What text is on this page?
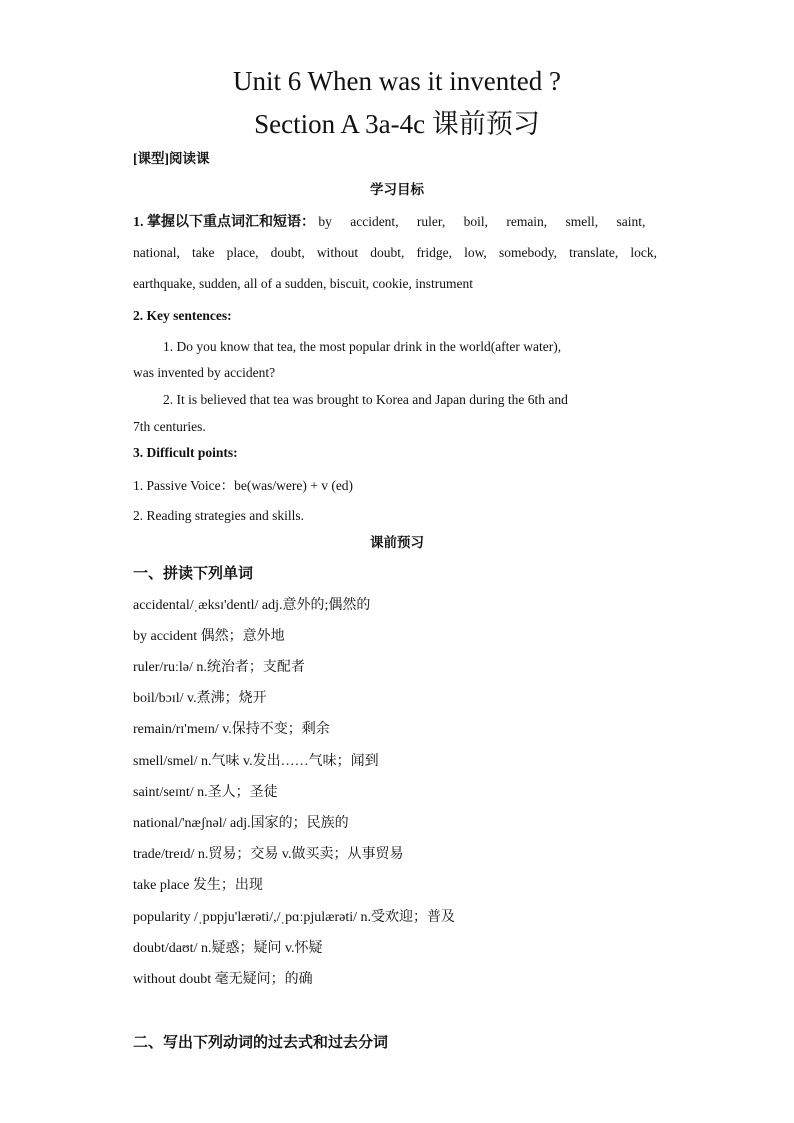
Unit 6 When was it invented ?
Section A 3a-4c 课前预习
[课型]阅读课
学习目标
1. 掌握以下重点词汇和短语： by accident, ruler, boil, remain, smell, saint,
national, take place, doubt, without doubt, fridge, low, somebody, translate, lock,
earthquake, sudden, all of a sudden, biscuit, cookie, instrument
2. Key sentences:
1. Do you know that tea, the most popular drink in the world(after water),
was invented by accident?
2. It is believed that tea was brought to Korea and Japan during the 6th and
7th centuries.
3. Difficult points:
1. Passive Voice：be(was/were) + v (ed)
2. Reading strategies and skills.
课前预习
一、拼读下列单词
accidental/ˌæksɪ'dentl/ adj.意外的;偶然的
by accident 偶然；意外地
ruler/ruːlə/ n.统治者；支配者
boil/bɔɪl/ v.煮沸；烧开
remain/rɪ'meɪn/ v.保持不变；剩余
smell/smel/ n.气味 v.发出……气味；闻到
saint/seɪnt/ n.圣人；圣徒
national/'næʃnəl/ adj.国家的；民族的
trade/treɪd/ n.贸易；交易 v.做买卖；从事贸易
take place 发生；出现
popularity /ˌpɒpju'lærəti/,/ˌpɑːpjulærəti/ n.受欢迎；普及
doubt/daʊt/ n.疑惑；疑问 v.怀疑
without doubt 毫无疑问；的确
二、写出下列动词的过去式和过去分词
